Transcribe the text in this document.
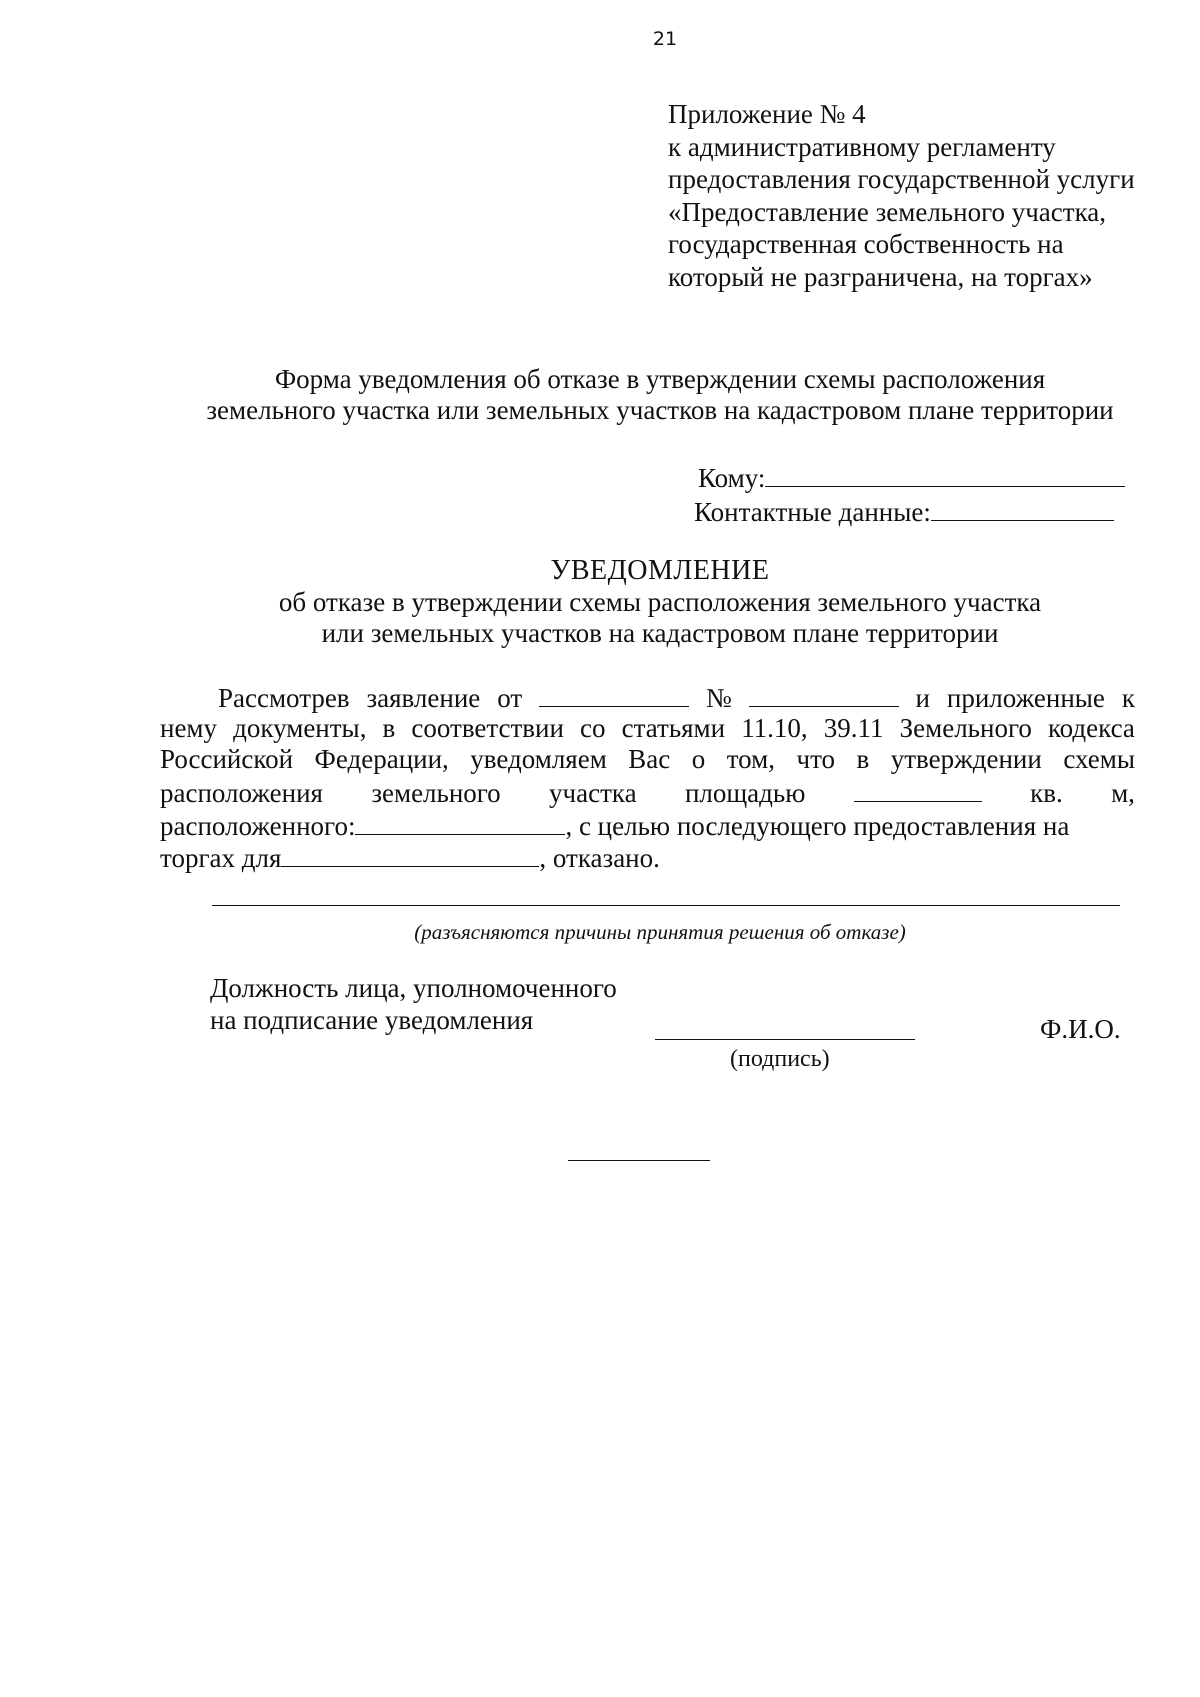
21
Приложение № 4
к административному регламенту
предоставления государственной услуги
«Предоставление земельного участка,
государственная собственность на
который не разграничена, на торгах»
Форма уведомления об отказе в утверждении схемы расположения
земельного участка или земельных участков на кадастровом плане территории
Кому:
Контактные данные:
УВЕДОМЛЕНИЕ
об отказе в утверждении схемы расположения земельного участка
или земельных участков на кадастровом плане территории
Рассмотрев заявление от	№	и приложенные к
нему документы, в соответствии со статьями 11.10, 39.11 Земельного кодекса
Российской Федерации, уведомляем Вас о том, что в утверждении схемы
расположения земельного участка площадью	кв. м,
расположенного:	, с целью последующего предоставления на
торгах для	, отказано.
(разъясняются причины принятия решения об отказе)
Должность лица, уполномоченного
на подписание уведомления
(подпись)
Ф.И.О.
